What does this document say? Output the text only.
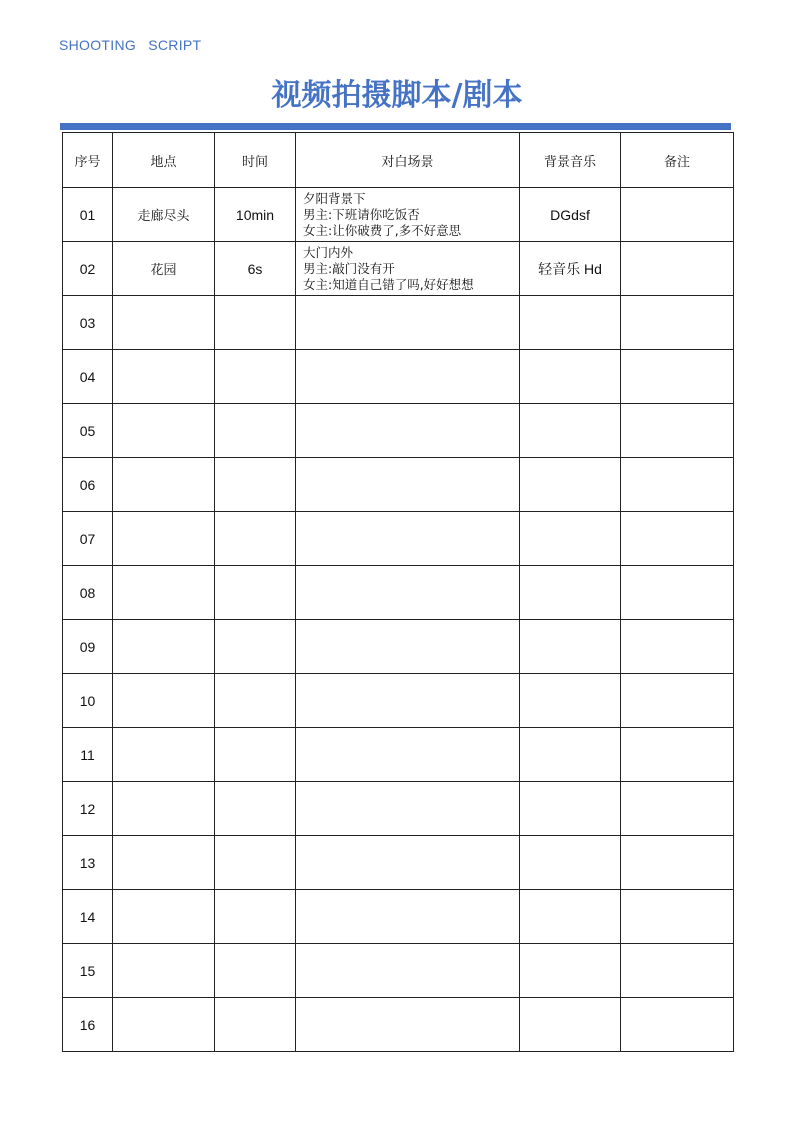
SHOOTING SCRIPT
视频拍摄脚本/剧本
序号	地点	时间	对白场景	背景音乐	备注
01	走廊尽头	10min	夕阳背景下
男主:下班请你吃饭否
女主:让你破费了,多不好意思	DGdsf	
02	花园	6s	大门内外
男主:敲门没有开
女主:知道自己错了吗,好好想想	轻音乐 Hd	
03					
04					
05					
06					
07					
08					
09					
10					
11					
12					
13					
14					
15					
16					
